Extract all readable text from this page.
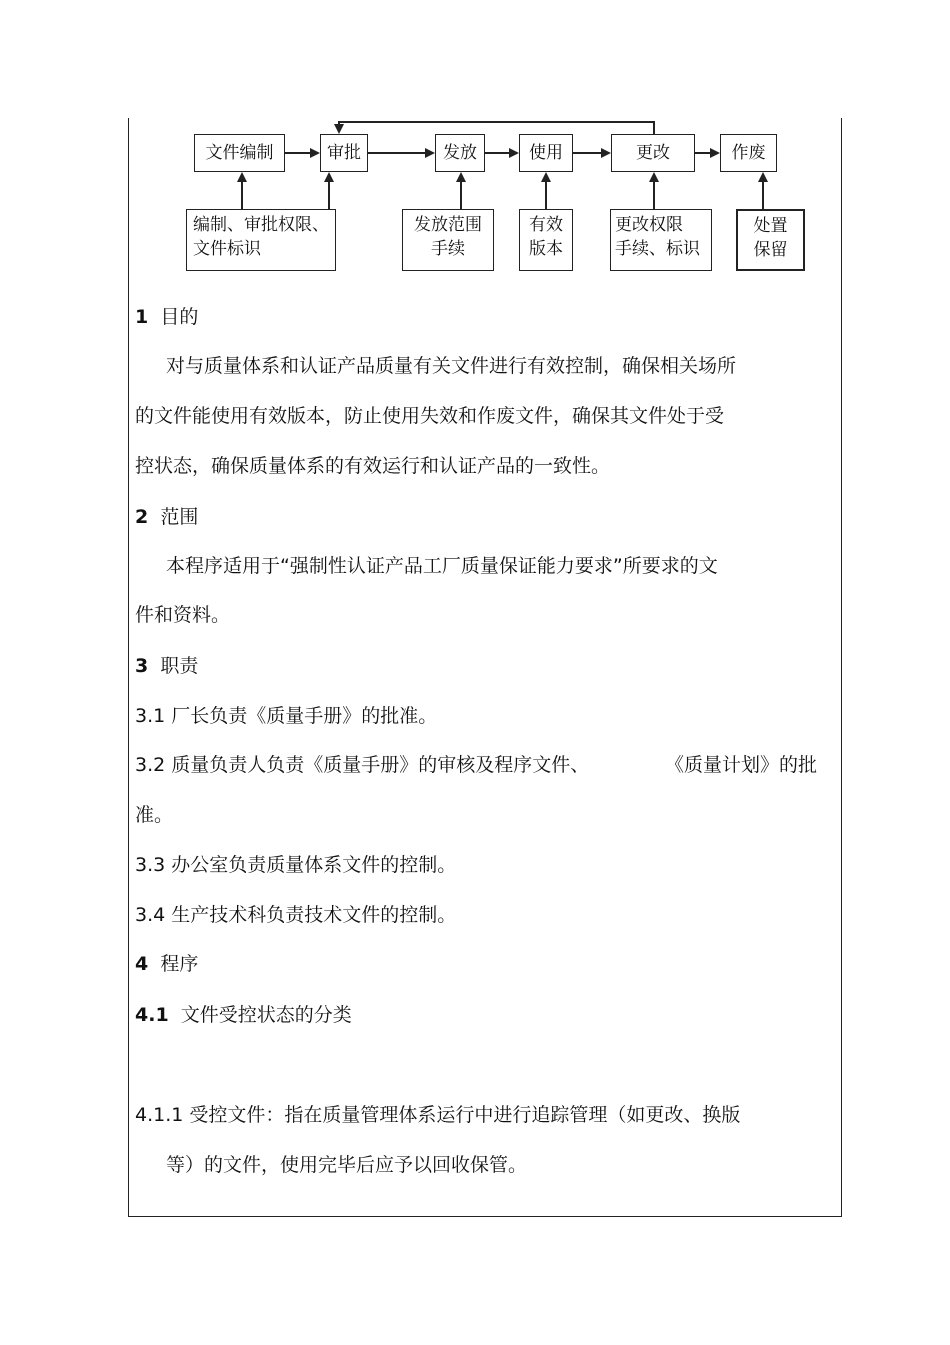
文件编制	审批	发放	使用	更改	作废
编制、审批权限、
文件标识
发放范围
手续
有效
版本
更改权限
手续、标识
处置
保留
1 目的
对与质量体系和认证产品质量有关文件进行有效控制，确保相关场所
的文件能使用有效版本，防止使用失效和作废文件，确保其文件处于受
控状态，确保质量体系的有效运行和认证产品的一致性。
2 范围
本程序适用于“强制性认证产品工厂质量保证能力要求”所要求的文
件和资料。
3 职责
3.1 厂长负责《质量手册》的批准。
3.2 质量负责人负责《质量手册》的审核及程序文件、	《质量计划》的批
准。
3.3 办公室负责质量体系文件的控制。
3.4 生产技术科负责技术文件的控制。
4 程序
4.1 文件受控状态的分类
4.1.1 受控文件：指在质量管理体系运行中进行追踪管理（如更改、换版
等）的文件，使用完毕后应予以回收保管。
